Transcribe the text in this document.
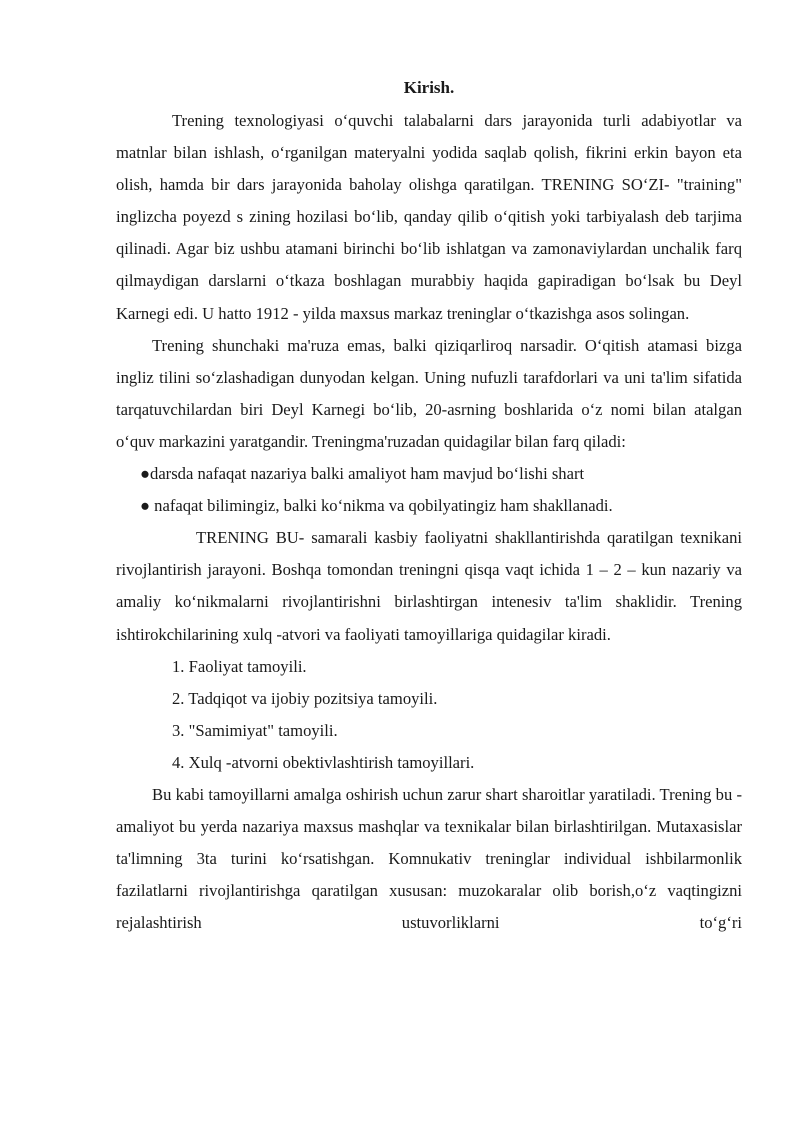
Kirish.

Trening texnologiyasi o‘quvchi talabalarni dars jarayonida turli adabiyotlar va matnlar bilan ishlash, o‘rganilgan materyalni yodida saqlab qolish, fikrini erkin bayon eta olish, hamda bir dars jarayonida baholay olishga qaratilgan. TRENING SO‘ZI- "training" inglizcha poyezd s zining hozilasi bo‘lib, qanday qilib o‘qitish yoki tarbiyalash deb tarjima qilinadi. Agar biz ushbu atamani birinchi bo‘lib ishlatgan va zamonaviylardan unchalik farq qilmaydigan darslarni o‘tkaza boshlagan murabbiy haqida gapiradigan bo‘lsak bu Deyl Karnegi edi. U hatto 1912 - yilda maxsus markaz treninglar o‘tkazishga asos solingan.

Trening shunchaki ma'ruza emas, balki qiziqarliroq narsadir. O‘qitish atamasi bizga ingliz tilini so‘zlashadigan dunyodan kelgan. Uning nufuzli tarafdorlari va uni ta'lim sifatida tarqatuvchilardan biri Deyl Karnegi bo‘lib, 20-asrning boshlarida o‘z nomi bilan atalgan o‘quv markazini yaratgandir. Treningma'ruzadan quidagilar bilan farq qiladi:

●darsda nafaqat nazariya balki amaliyot ham mavjud bo‘lishi shart

● nafaqat bilimingiz, balki ko‘nikma va qobilyatingiz ham shakllanadi.

TRENING BU- samarali kasbiy faoliyatni shakllantirishda qaratilgan texnikani rivojlantirish jarayoni. Boshqa tomondan treningni qisqa vaqt ichida 1 – 2 – kun nazariy va amaliy ko‘nikmalarni rivojlantirishni birlashtirgan intenesiv ta'lim shaklidir. Trening ishtirokchilarining xulq -atvori va faoliyati tamoyillariga quidagilar kiradi.

1. Faoliyat tamoyili.

2. Tadqiqot va ijobiy pozitsiya tamoyili.

3. "Samimiyat" tamoyili.

4. Xulq -atvorni obektivlashtirish tamoyillari.

Bu kabi tamoyillarni amalga oshirish uchun zarur shart sharoitlar yaratiladi. Trening bu - amaliyot bu yerda nazariya maxsus mashqlar va texnikalar bilan birlashtirilgan. Mutaxasislar ta'limning 3ta turini ko‘rsatishgan. Komnukativ treninglar individual ishbilarmonlik fazilatlarni rivojlantirishga qaratilgan xususan: muzokaralar olib borish,o‘z vaqtingizni rejalashtirish ustuvorliklarni to‘g‘ri
